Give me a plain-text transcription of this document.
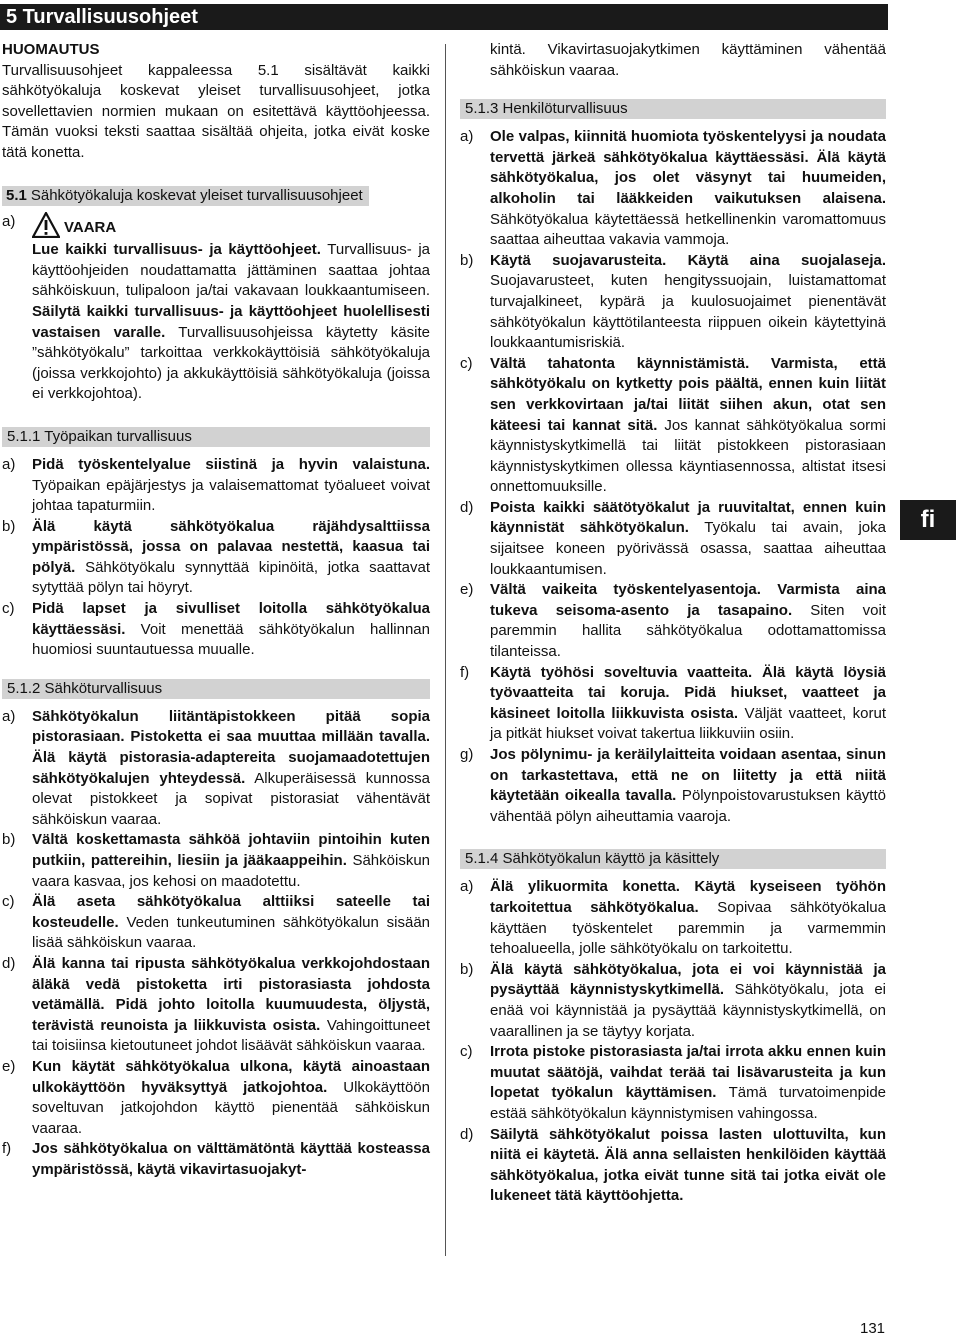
5 Turvallisuusohjeet

HUOMAUTUS

Turvallisuusohjeet kappaleessa 5.1 sisältävät kaikki sähkötyökaluja koskevat yleiset turvallisuusohjeet, jotka sovellettavien normien mukaan on esitettävä käyttöohjeessa. Tämän vuoksi teksti saattaa sisältää ohjeita, jotka eivät koske tätä konetta.

5.1 Sähkötyökaluja koskevat yleiset turvallisuusohjeet
a)	VAARA

Lue kaikki turvallisuus- ja käyttöohjeet. Turvallisuus- ja käyttöohjeiden noudattamatta jättäminen saattaa johtaa sähköiskuun, tulipaloon ja/tai vakavaan loukkaantumiseen. Säilytä kaikki turvallisuus- ja käyttöohjeet huolellisesti vastaisen varalle. Turvallisuusohjeissa käytetty käsite ”sähkötyökalu” tarkoittaa verkkokäyttöisiä sähkötyökaluja (joissa verkkojohto) ja akkukäyttöisiä sähkötyökaluja (joissa ei verkkojohtoa).

5.1.1 Työpaikan turvallisuus
a) Pidä työskentelyalue siistinä ja hyvin valaistuna. Työpaikan epäjärjestys ja valaisemattomat työalueet voivat johtaa tapaturmiin.
b) Älä käytä sähkötyökalua räjähdysalttiissa ympäristössä, jossa on palavaa nestettä, kaasua tai pölyä. Sähkötyökalu synnyttää kipinöitä, jotka saattavat sytyttää pölyn tai höyryt.
c) Pidä lapset ja sivulliset loitolla sähkötyökalua käyttäessäsi. Voit menettää sähkötyökalun hallinnan huomiosi suuntautuessa muualle.
5.1.2 Sähköturvallisuus
a) Sähkötyökalun liitäntäpistokkeen pitää sopia pistorasiaan. Pistoketta ei saa muuttaa millään tavalla. Älä käytä pistorasia-adaptereita suojamaadotettujen sähkötyökalujen yhteydessä. Alkuperäisessä kunnossa olevat pistokkeet ja sopivat pistorasiat vähentävät sähköiskun vaaraa.
b) Vältä koskettamasta sähköä johtaviin pintoihin kuten putkiin, pattereihin, liesiin ja jääkaappeihin. Sähköiskun vaara kasvaa, jos kehosi on maadotettu.
c) Älä aseta sähkötyökalua alttiiksi sateelle tai kosteudelle. Veden tunkeutuminen sähkötyökalun sisään lisää sähköiskun vaaraa.
d) Älä kanna tai ripusta sähkötyökalua verkkojohdostaan äläkä vedä pistoketta irti pistorasiasta johdosta vetämällä. Pidä johto loitolla kuumuudesta, öljystä, terävistä reunoista ja liikkuvista osista. Vahingoittuneet tai toisiinsa kietoutuneet johdot lisäävät sähköiskun vaaraa.
e) Kun käytät sähkötyökalua ulkona, käytä ainoastaan ulkokäyttöön hyväksyttyä jatkojohtoa. Ulkokäyttöön soveltuvan jatkojohdon käyttö pienentää sähköiskun vaaraa.
f) Jos sähkötyökalua on välttämätöntä käyttää kosteassa ympäristössä, käytä vikavirtasuojakyt-

kintä. Vikavirtasuojakytkimen käyttäminen vähentää sähköiskun vaaraa.

5.1.3 Henkilöturvallisuus
a) Ole valpas, kiinnitä huomiota työskentelyysi ja noudata tervettä järkeä sähkötyökalua käyttäessäsi. Älä käytä sähkötyökalua, jos olet väsynyt tai huumeiden, alkoholin tai lääkkeiden vaikutuksen alaisena. Sähkötyökalua käytettäessä hetkellinenkin varomattomuus saattaa aiheuttaa vakavia vammoja.
b) Käytä suojavarusteita. Käytä aina suojalaseja. Suojavarusteet, kuten hengityssuojain, luistamattomat turvajalkineet, kypärä ja kuulosuojaimet pienentävät sähkötyökalun käyttötilanteesta riippuen oikein käytettyinä loukkaantumisriskiä.
c) Vältä tahatonta käynnistämistä. Varmista, että sähkötyökalu on kytketty pois päältä, ennen kuin liität sen verkkovirtaan ja/tai liität siihen akun, otat sen käteesi tai kannat sitä. Jos kannat sähkötyökalua sormi käynnistyskytkimellä tai liität pistokkeen pistorasiaan käynnistyskytkimen ollessa käyntiasennossa, altistat itsesi onnettomuuksille.
d) Poista kaikki säätötyökalut ja ruuvitaltat, ennen kuin käynnistät sähkötyökalun. Työkalu tai avain, joka sijaitsee koneen pyörivässä osassa, saattaa aiheuttaa loukkaantumisen.
e) Vältä vaikeita työskentelyasentoja. Varmista aina tukeva seisoma-asento ja tasapaino. Siten voit paremmin hallita sähkötyökalua odottamattomissa tilanteissa.
f) Käytä työhösi soveltuvia vaatteita. Älä käytä löysiä työvaatteita tai koruja. Pidä hiukset, vaatteet ja käsineet loitolla liikkuvista osista. Väljät vaatteet, korut ja pitkät hiukset voivat takertua liikkuviin osiin.
g) Jos pölynimu- ja keräilylaitteita voidaan asentaa, sinun on tarkastettava, että ne on liitetty ja että niitä käytetään oikealla tavalla. Pölynpoistovarustuksen käyttö vähentää pölyn aiheuttamia vaaroja.
5.1.4 Sähkötyökalun käyttö ja käsittely
a) Älä ylikuormita konetta. Käytä kyseiseen työhön tarkoitettua sähkötyökalua. Sopivaa sähkötyökalua käyttäen työskentelet paremmin ja varmemmin tehoalueella, jolle sähkötyökalu on tarkoitettu.
b) Älä käytä sähkötyökalua, jota ei voi käynnistää ja pysäyttää käynnistyskytkimellä. Sähkötyökalu, jota ei enää voi käynnistää ja pysäyttää käynnistyskytkimellä, on vaarallinen ja se täytyy korjata.
c) Irrota pistoke pistorasiasta ja/tai irrota akku ennen kuin muutat säätöjä, vaihdat terää tai lisävarusteita ja kun lopetat työkalun käyttämisen. Tämä turvatoimenpide estää sähkötyökalun käynnistymisen vahingossa.
d) Säilytä sähkötyökalut poissa lasten ulottuvilta, kun niitä ei käytetä. Älä anna sellaisten henkilöiden käyttää sähkötyökalua, jotka eivät tunne sitä tai jotka eivät ole lukeneet tätä käyttöohjetta.
fi
131
